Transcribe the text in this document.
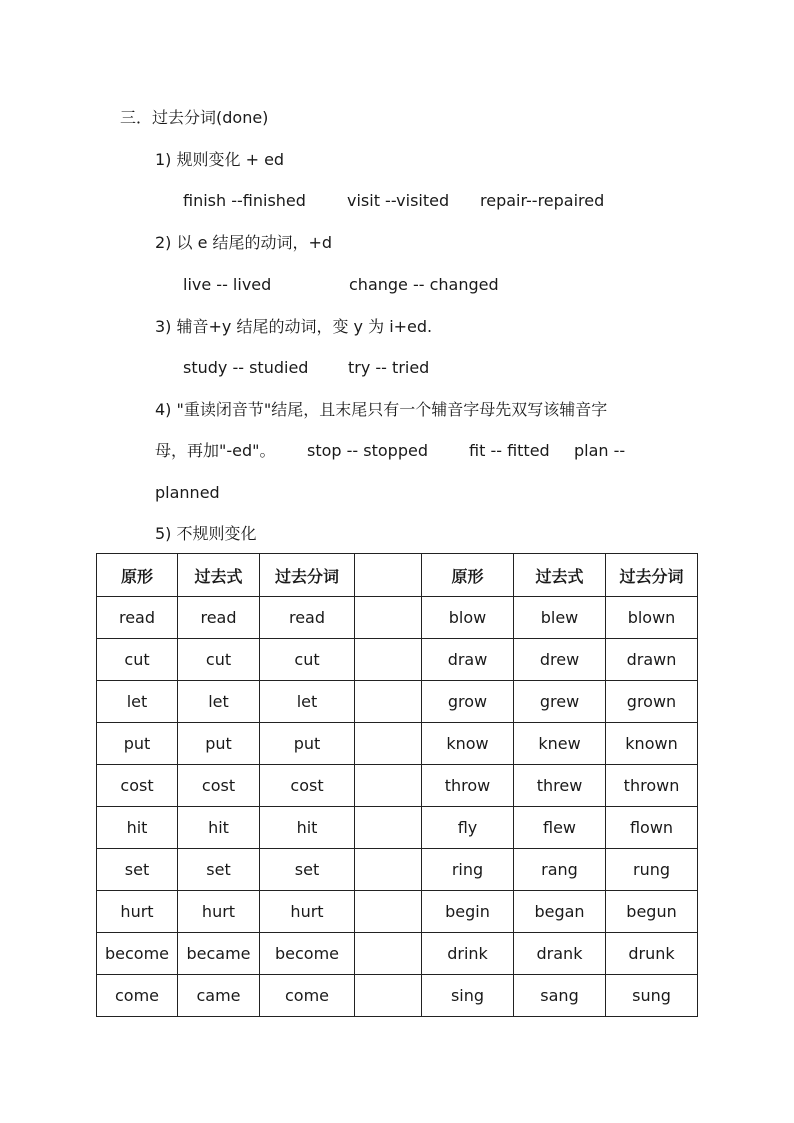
三．过去分词(done)
1) 规则变化 + ed
finish --finished	visit --visited repair--repaired
2) 以 e 结尾的动词，+d
live -- lived	change -- changed
3) 辅音+y 结尾的动词，变 y 为 i+ed.
study -- studied try -- tried
4) "重读闭音节"结尾，且末尾只有一个辅音字母先双写该辅音字
母，再加"-ed"。 stop -- stopped	fit -- fitted plan --
planned
5) 不规则变化
原形	过去式	过去分词		原形	过去式	过去分词
read	read	read		blow	blew	blown
cut	cut	cut		draw	drew	drawn
let	let	let		grow	grew	grown
put	put	put		know	knew	known
cost	cost	cost		throw	threw	thrown
hit	hit	hit		fly	flew	flown
set	set	set		ring	rang	rung
hurt	hurt	hurt		begin	began	begun
become	became	become		drink	drank	drunk
come	came	come		sing	sang	sung
